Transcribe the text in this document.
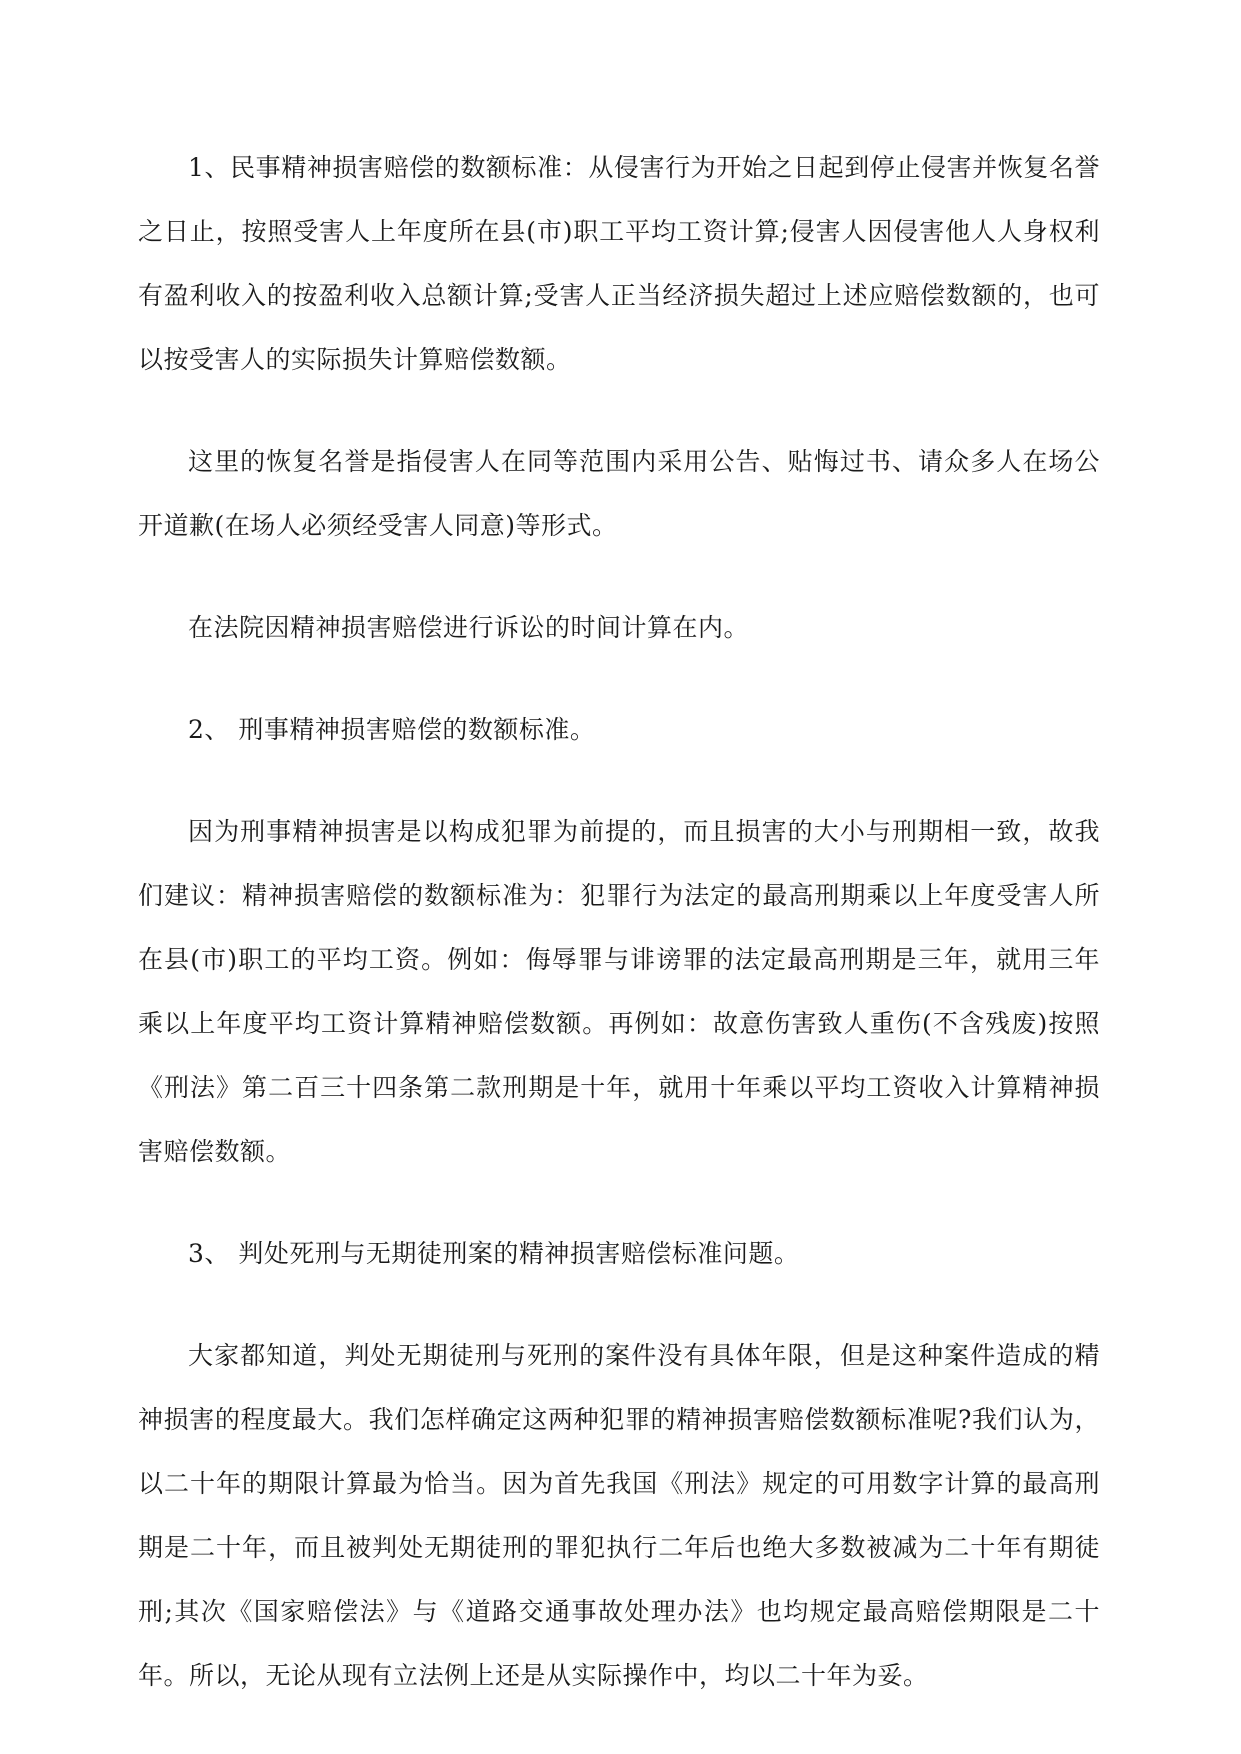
1、民事精神损害赔偿的数额标准：从侵害行为开始之日起到停止侵害并恢复名誉之日止，按照受害人上年度所在县(市)职工平均工资计算;侵害人因侵害他人人身权利有盈利收入的按盈利收入总额计算;受害人正当经济损失超过上述应赔偿数额的，也可以按受害人的实际损失计算赔偿数额。

这里的恢复名誉是指侵害人在同等范围内采用公告、贴悔过书、请众多人在场公开道歉(在场人必须经受害人同意)等形式。

在法院因精神损害赔偿进行诉讼的时间计算在内。

2、 刑事精神损害赔偿的数额标准。

因为刑事精神损害是以构成犯罪为前提的，而且损害的大小与刑期相一致，故我们建议：精神损害赔偿的数额标准为：犯罪行为法定的最高刑期乘以上年度受害人所在县(市)职工的平均工资。例如：侮辱罪与诽谤罪的法定最高刑期是三年，就用三年乘以上年度平均工资计算精神赔偿数额。再例如：故意伤害致人重伤(不含残废)按照《刑法》第二百三十四条第二款刑期是十年，就用十年乘以平均工资收入计算精神损害赔偿数额。

3、 判处死刑与无期徒刑案的精神损害赔偿标准问题。

大家都知道，判处无期徒刑与死刑的案件没有具体年限，但是这种案件造成的精神损害的程度最大。我们怎样确定这两种犯罪的精神损害赔偿数额标准呢?我们认为，以二十年的期限计算最为恰当。因为首先我国《刑法》规定的可用数字计算的最高刑期是二十年，而且被判处无期徒刑的罪犯执行二年后也绝大多数被减为二十年有期徒刑;其次《国家赔偿法》与《道路交通事故处理办法》也均规定最高赔偿期限是二十年。所以，无论从现有立法例上还是从实际操作中，均以二十年为妥。
